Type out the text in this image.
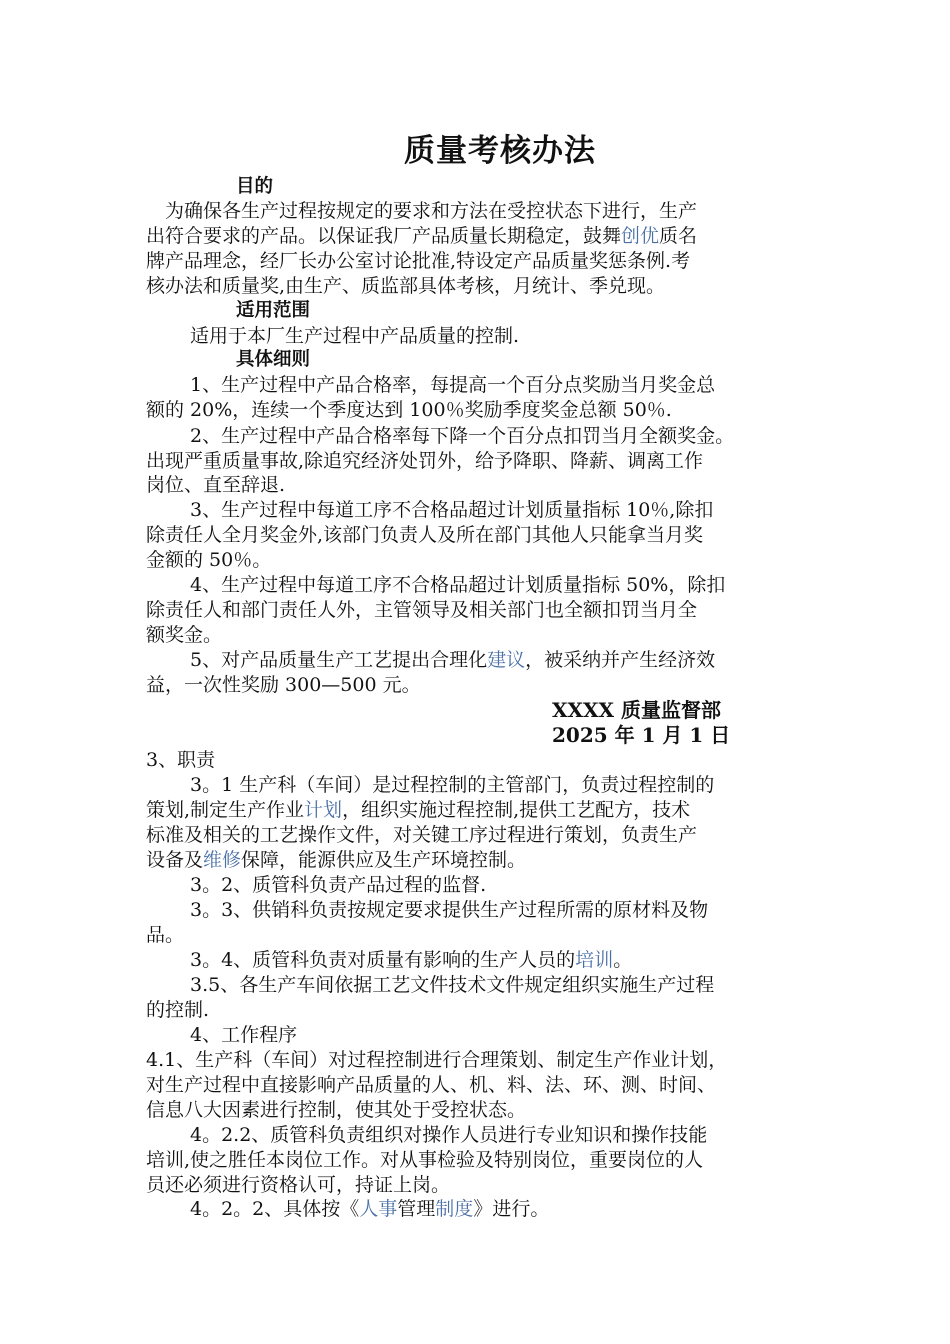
质量考核办法
目的
为确保各生产过程按规定的要求和方法在受控状态下进行，生产
出符合要求的产品。以保证我厂产品质量长期稳定，鼓舞创优质名
牌产品理念，经厂长办公室讨论批准,特设定产品质量奖惩条例.考
核办法和质量奖,由生产、质监部具体考核，月统计、季兑现。
适用范围
适用于本厂生产过程中产品质量的控制.
具体细则
1、生产过程中产品合格率，每提高一个百分点奖励当月奖金总
额的 20%，连续一个季度达到 100％奖励季度奖金总额 50％.
2、生产过程中产品合格率每下降一个百分点扣罚当月全额奖金。
出现严重质量事故,除追究经济处罚外，给予降职、降薪、调离工作
岗位、直至辞退.
3、生产过程中每道工序不合格品超过计划质量指标 10％,除扣
除责任人全月奖金外,该部门负责人及所在部门其他人只能拿当月奖
金额的 50％。
4、生产过程中每道工序不合格品超过计划质量指标 50%，除扣
除责任人和部门责任人外，主管领导及相关部门也全额扣罚当月全
额奖金。
5、对产品质量生产工艺提出合理化建议，被采纳并产生经济效
益，一次性奖励 300—500 元。
XXXX 质量监督部
2025 年 1 月 1 日
3、职责
3。1 生产科（车间）是过程控制的主管部门，负责过程控制的
策划,制定生产作业计划，组织实施过程控制,提供工艺配方，技术
标准及相关的工艺操作文件，对关键工序过程进行策划，负责生产
设备及维修保障，能源供应及生产环境控制。
3。2、质管科负责产品过程的监督.
3。3、供销科负责按规定要求提供生产过程所需的原材料及物
品。
3。4、质管科负责对质量有影响的生产人员的培训。
3.5、各生产车间依据工艺文件技术文件规定组织实施生产过程
的控制.
4、工作程序
4.1、生产科（车间）对过程控制进行合理策划、制定生产作业计划，
对生产过程中直接影响产品质量的人、机、料、法、环、测、时间、
信息八大因素进行控制，使其处于受控状态。
4。2.2、质管科负责组织对操作人员进行专业知识和操作技能
培训,使之胜任本岗位工作。对从事检验及特别岗位，重要岗位的人
员还必须进行资格认可，持证上岗。
4。2。2、具体按《人事管理制度》进行。
